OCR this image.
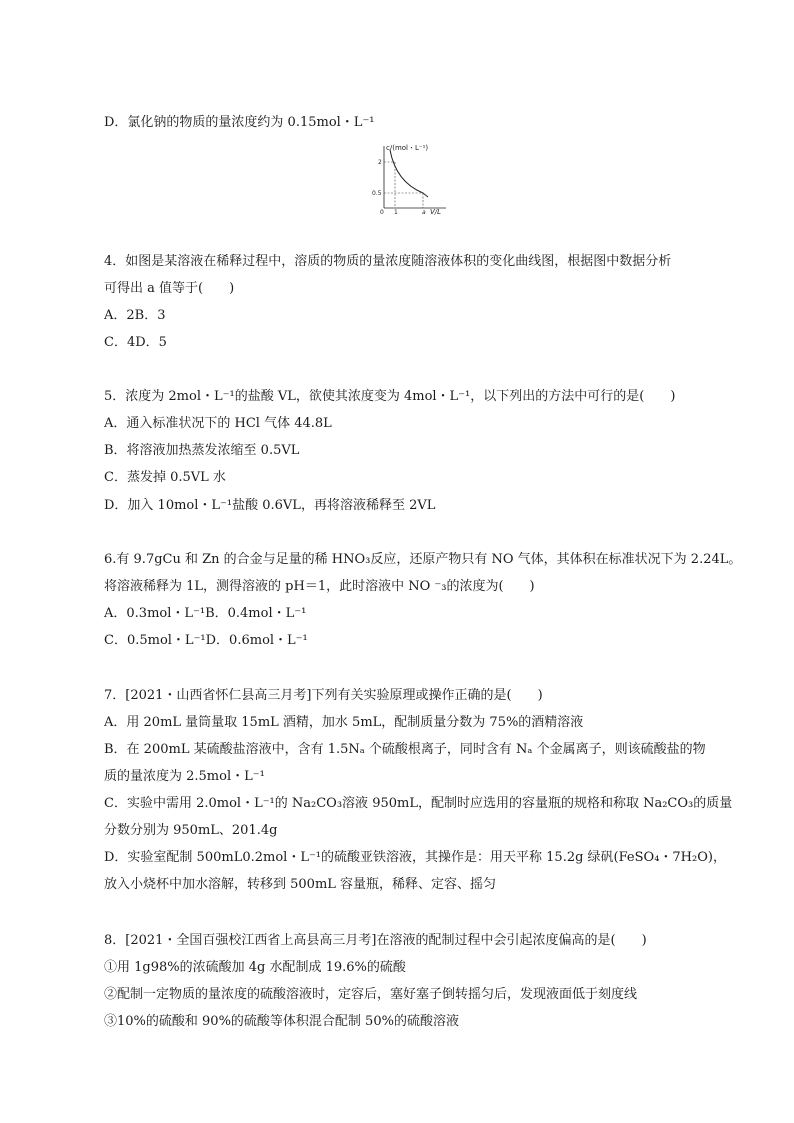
D．氯化钠的物质的量浓度约为 0.15mol・L⁻¹
c/(mol・L⁻¹)
V/L
2
0.5
0 1	a
4．如图是某溶液在稀释过程中，溶质的物质的量浓度随溶液体积的变化曲线图，根据图中数据分析
可得出 a 值等于(　　)
A．2B．3
C．4D．5
5．浓度为 2mol・L⁻¹的盐酸 VL，欲使其浓度变为 4mol・L⁻¹，以下列出的方法中可行的是(　　)
A．通入标准状况下的 HCl 气体 44.8L
B．将溶液加热蒸发浓缩至 0.5VL
C．蒸发掉 0.5VL 水
D．加入 10mol・L⁻¹盐酸 0.6VL，再将溶液稀释至 2VL
6.有 9.7gCu 和 Zn 的合金与足量的稀 HNO₃反应，还原产物只有 NO 气体，其体积在标准状况下为 2.24L。
将溶液稀释为 1L，测得溶液的 pH＝1，此时溶液中 NO ⁻₃的浓度为(　　)
A．0.3mol・L⁻¹B．0.4mol・L⁻¹
C．0.5mol・L⁻¹D．0.6mol・L⁻¹
7．[2021・山西省怀仁县高三月考]下列有关实验原理或操作正确的是(　　)
A．用 20mL 量筒量取 15mL 酒精，加水 5mL，配制质量分数为 75%的酒精溶液
B．在 200mL 某硫酸盐溶液中，含有 1.5Nₐ 个硫酸根离子，同时含有 Nₐ 个金属离子，则该硫酸盐的物
质的量浓度为 2.5mol・L⁻¹
C．实验中需用 2.0mol・L⁻¹的 Na₂CO₃溶液 950mL，配制时应选用的容量瓶的规格和称取 Na₂CO₃的质量
分数分别为 950mL、201.4g
D．实验室配制 500mL0.2mol・L⁻¹的硫酸亚铁溶液，其操作是：用天平称 15.2g 绿矾(FeSO₄・7H₂O)，
放入小烧杯中加水溶解，转移到 500mL 容量瓶，稀释、定容、摇匀
8．[2021・全国百强校江西省上高县高三月考]在溶液的配制过程中会引起浓度偏高的是(　　)
①用 1g98%的浓硫酸加 4g 水配制成 19.6%的硫酸
②配制一定物质的量浓度的硫酸溶液时，定容后，塞好塞子倒转摇匀后，发现液面低于刻度线
③10%的硫酸和 90%的硫酸等体积混合配制 50%的硫酸溶液
